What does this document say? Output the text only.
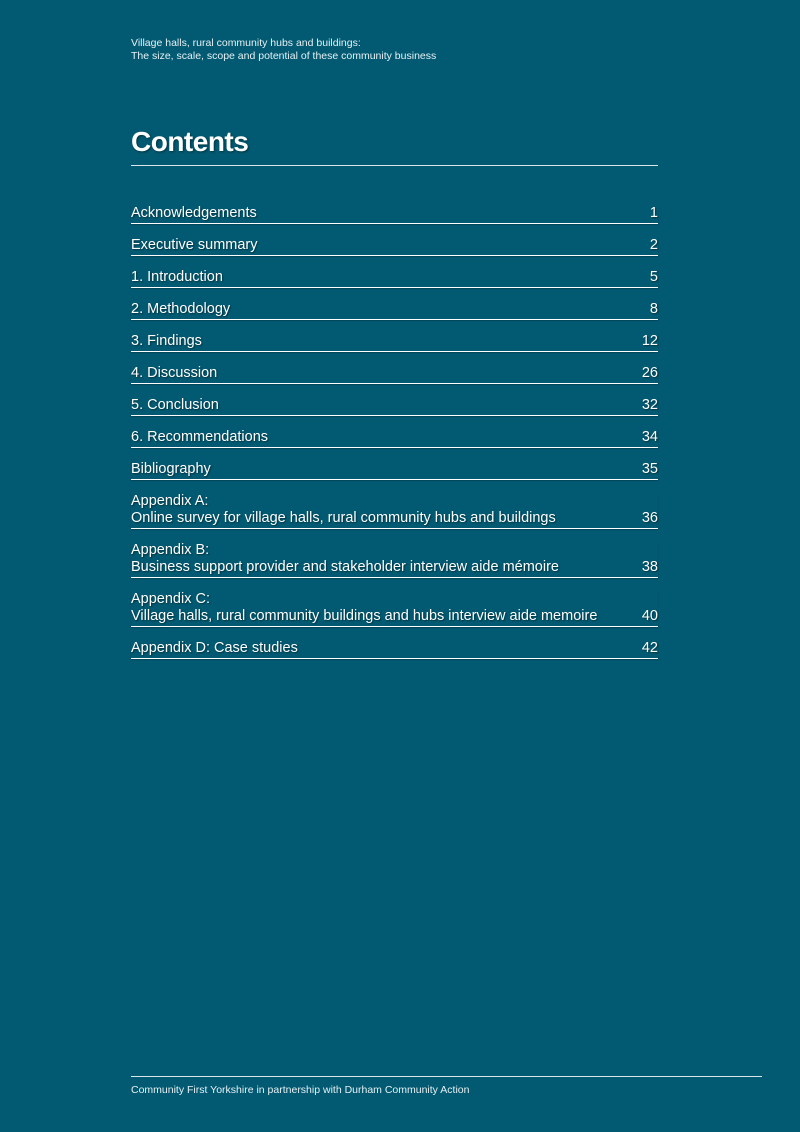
Village halls, rural community hubs and buildings:
The size, scale, scope and potential of these community business
Contents
Acknowledgements	1
Executive summary	2
1. Introduction	5
2. Methodology	8
3. Findings	12
4. Discussion	26
5. Conclusion	32
6. Recommendations	34
Bibliography	35
Appendix A:
Online survey for village halls, rural community hubs and buildings	36
Appendix B:
Business support provider and stakeholder interview aide mémoire	38
Appendix C:
Village halls, rural community buildings and hubs interview aide memoire	40
Appendix D: Case studies	42
Community First Yorkshire in partnership with Durham Community Action
